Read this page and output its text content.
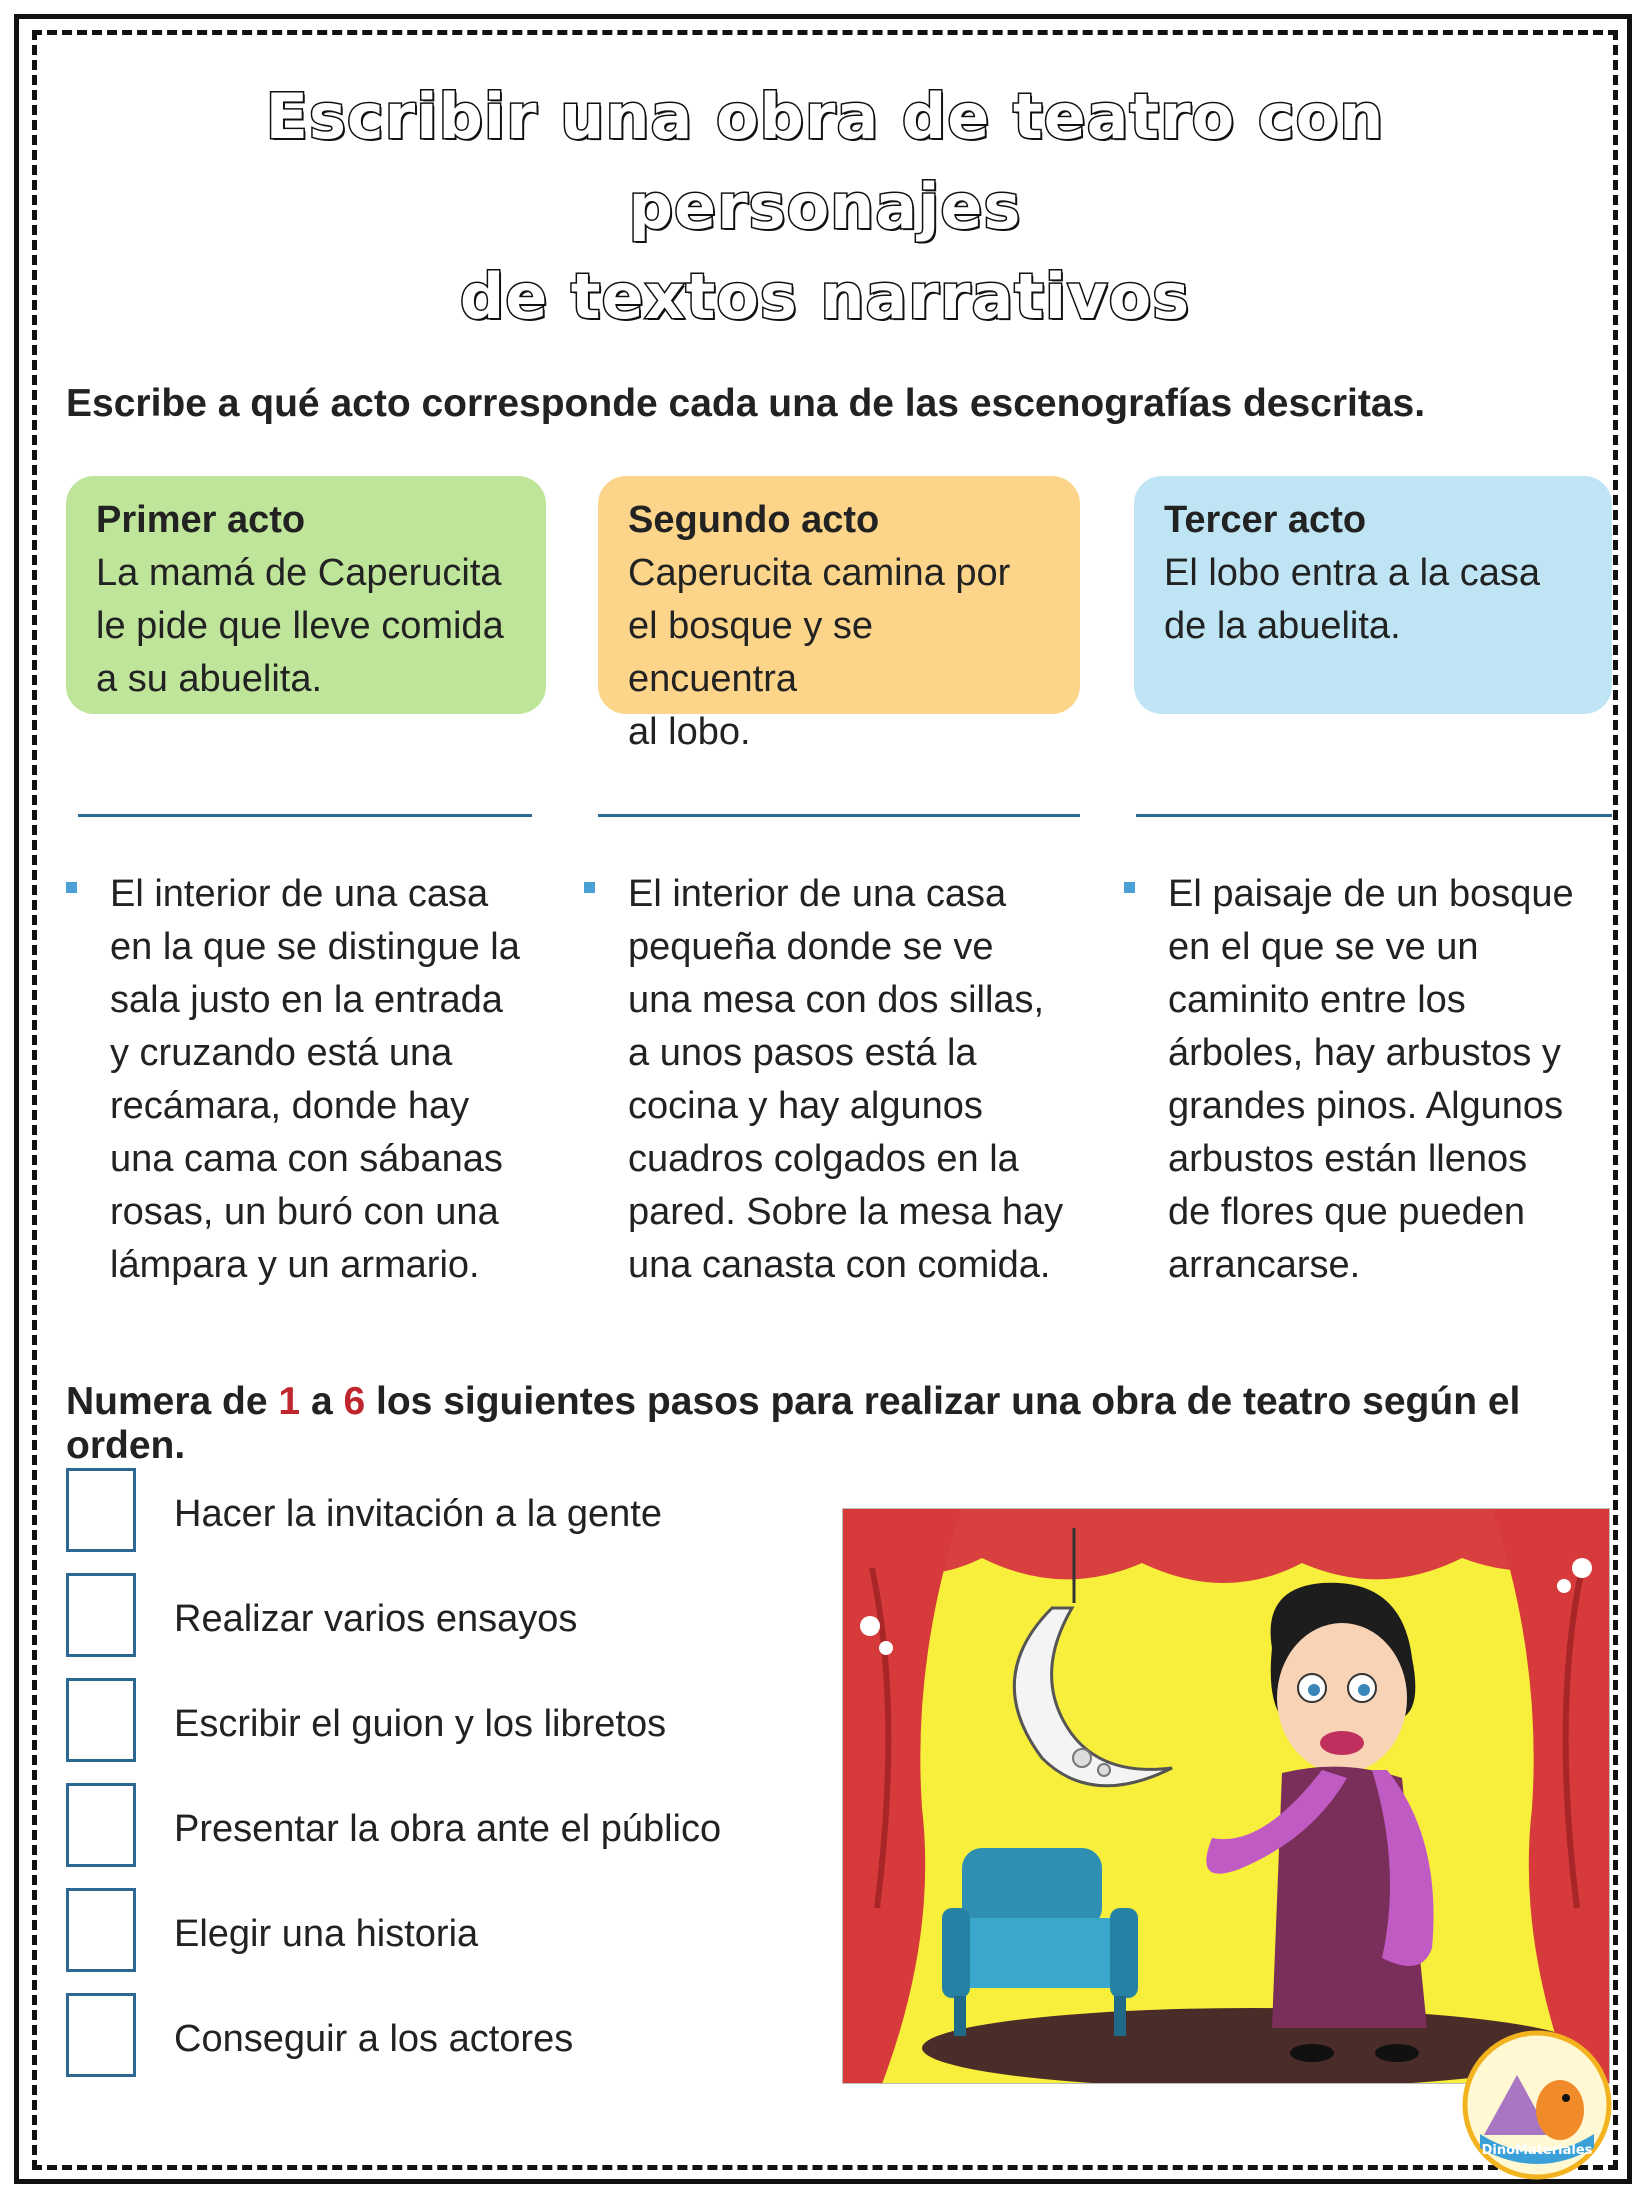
Escribir una obra de teatro con personajes
de textos narrativos
Escribe a qué acto corresponde cada una de las escenografías descritas.
Primer acto
La mamá de Caperucita
le pide que lleve comida
a su abuelita.
Segundo acto
Caperucita camina por
el bosque y se encuentra
al lobo.
Tercer acto
El lobo entra a la casa
de la abuelita.
El interior de una casa
en la que se distingue la
sala justo en la entrada
y cruzando está una
recámara, donde hay
una cama con sábanas
rosas, un buró con una
lámpara y un armario.
El interior de una casa
pequeña donde se ve
una mesa con dos sillas,
a unos pasos está la
cocina y hay algunos
cuadros colgados en la
pared. Sobre la mesa hay
una canasta con comida.
El paisaje de un bosque
en el que se ve un
caminito entre los
árboles, hay arbustos y
grandes pinos. Algunos
arbustos están llenos
de flores que pueden
arrancarse.
Numera de 1 a 6 los siguientes pasos para realizar una obra de teatro según el orden.
Hacer la invitación a la gente
Realizar varios ensayos
Escribir el guion y los libretos
Presentar la obra ante el público
Elegir una historia
Conseguir a los actores
DinoMateriales
